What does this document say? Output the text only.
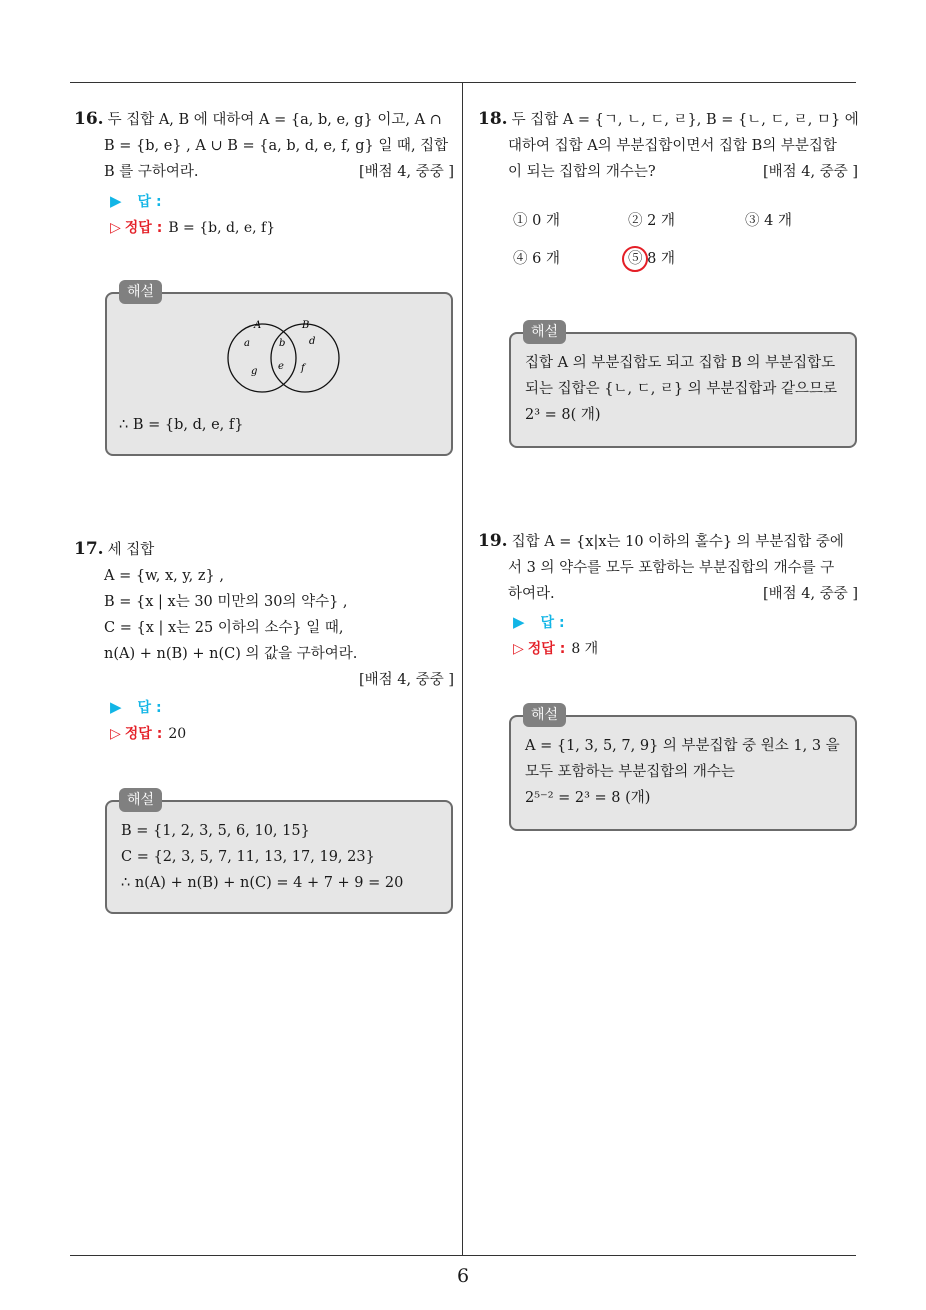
6
16. 두 집합 A, B 에 대하여 A = {a, b, e, g} 이고, A ∩
B = {b, e} , A ∪ B = {a, b, d, e, f, g} 일 때, 집합
B 를 구하여라.	[배점 4, 중중 ]
▶ 답 :
▷ 정답 : B = {b, d, e, f}
해설
A	B
a	b d
g e f
∴ B = {b, d, e, f}
17. 세 집합
A = {w, x, y, z} ,
B = {x | x는 30 미만의 30의 약수} ,
C = {x | x는 25 이하의 소수} 일 때,
n(A) + n(B) + n(C) 의 값을 구하여라.
[배점 4, 중중 ]
▶ 답 :
▷ 정답 : 20
해설
B = {1, 2, 3, 5, 6, 10, 15}
C = {2, 3, 5, 7, 11, 13, 17, 19, 23}
∴ n(A) + n(B) + n(C) = 4 + 7 + 9 = 20
18. 두 집합 A = {ㄱ, ㄴ, ㄷ, ㄹ}, B = {ㄴ, ㄷ, ㄹ, ㅁ} 에
대하여 집합 A의 부분집합이면서 집합 B의 부분집합
이 되는 집합의 개수는?	[배점 4, 중중 ]
① 0 개	② 2 개	③ 4 개
④ 6 개	⑤ 8 개
해설
집합 A 의 부분집합도 되고 집합 B 의 부분집합도
되는 집합은 {ㄴ, ㄷ, ㄹ} 의 부분집합과 같으므로
2³ = 8( 개)
19. 집합 A = {x|x는 10 이하의 홀수} 의 부분집합 중에
서 3 의 약수를 모두 포함하는 부분집합의 개수를 구
하여라.	[배점 4, 중중 ]
▶ 답 :
▷ 정답 : 8 개
해설
A = {1, 3, 5, 7, 9} 의 부분집합 중 원소 1, 3 을
모두 포함하는 부분집합의 개수는
2⁵⁻² = 2³ = 8 (개)
